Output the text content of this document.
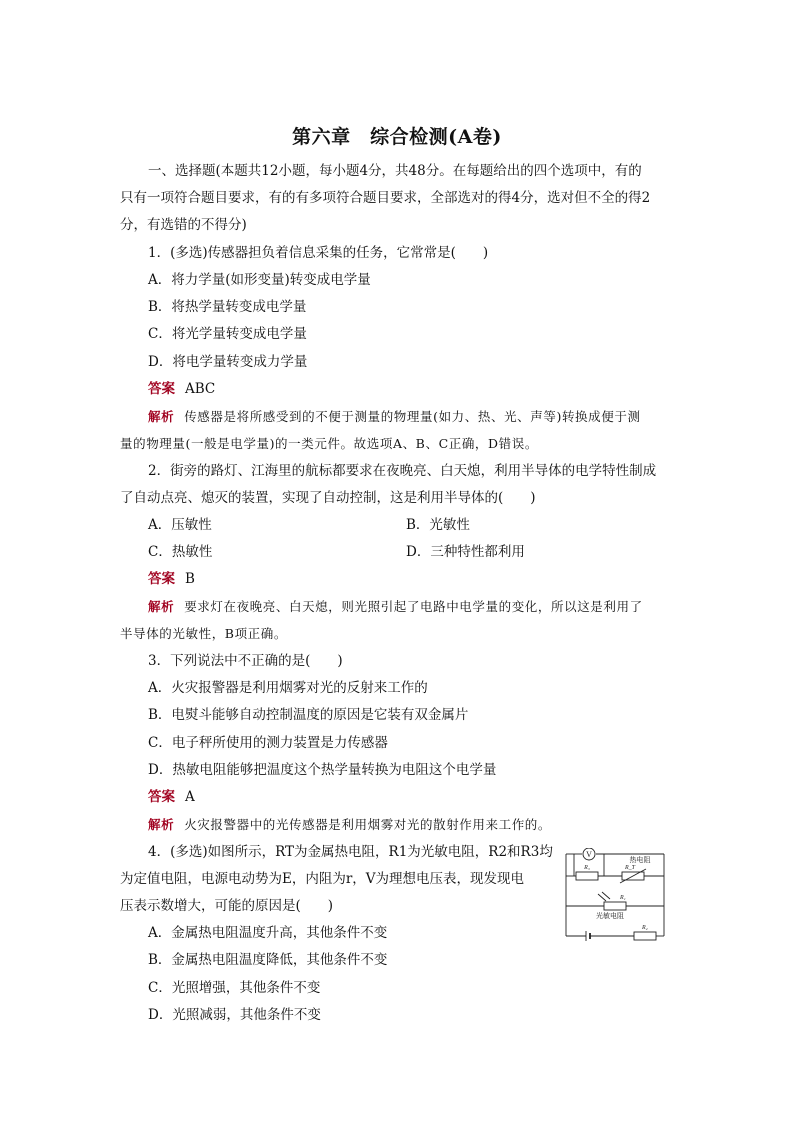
第六章　综合检测(A卷)
一、选择题(本题共12小题，每小题4分，共48分。在每题给出的四个选项中，有的
只有一项符合题目要求，有的有多项符合题目要求，全部选对的得4分，选对但不全的得2
分，有选错的不得分)
1．(多选)传感器担负着信息采集的任务，它常常是(　　)
A．将力学量(如形变量)转变成电学量
B．将热学量转变成电学量
C．将光学量转变成电学量
D．将电学量转变成力学量
答案 ABC
解析 传感器是将所感受到的不便于测量的物理量(如力、热、光、声等)转换成便于测
量的物理量(一般是电学量)的一类元件。故选项A、B、C正确，D错误。
2．街旁的路灯、江海里的航标都要求在夜晚亮、白天熄，利用半导体的电学特性制成
了自动点亮、熄灭的装置，实现了自动控制，这是利用半导体的(　　)
A．压敏性	B．光敏性
C．热敏性	D．三种特性都利用
答案 B
解析 要求灯在夜晚亮、白天熄，则光照引起了电路中电学量的变化，所以这是利用了
半导体的光敏性，B项正确。
3．下列说法中不正确的是(　　)
A．火灾报警器是利用烟雾对光的反射来工作的
B．电熨斗能够自动控制温度的原因是它装有双金属片
C．电子秤所使用的测力装置是力传感器
D．热敏电阻能够把温度这个热学量转换为电阻这个电学量
答案 A
解析 火灾报警器中的光传感器是利用烟雾对光的散射作用来工作的。
4．(多选)如图所示，RT为金属热电阻，R1为光敏电阻，R2和R3均
为定值电阻，电源电动势为E，内阻为r，V为理想电压表，现发现电
压表示数增大，可能的原因是(　　)
A．金属热电阻温度升高，其他条件不变
B．金属热电阻温度降低，其他条件不变
C．光照增强，其他条件不变
D．光照减弱，其他条件不变
V
R₃	R_T
热电阻
R₁
光敏电阻
R₂
